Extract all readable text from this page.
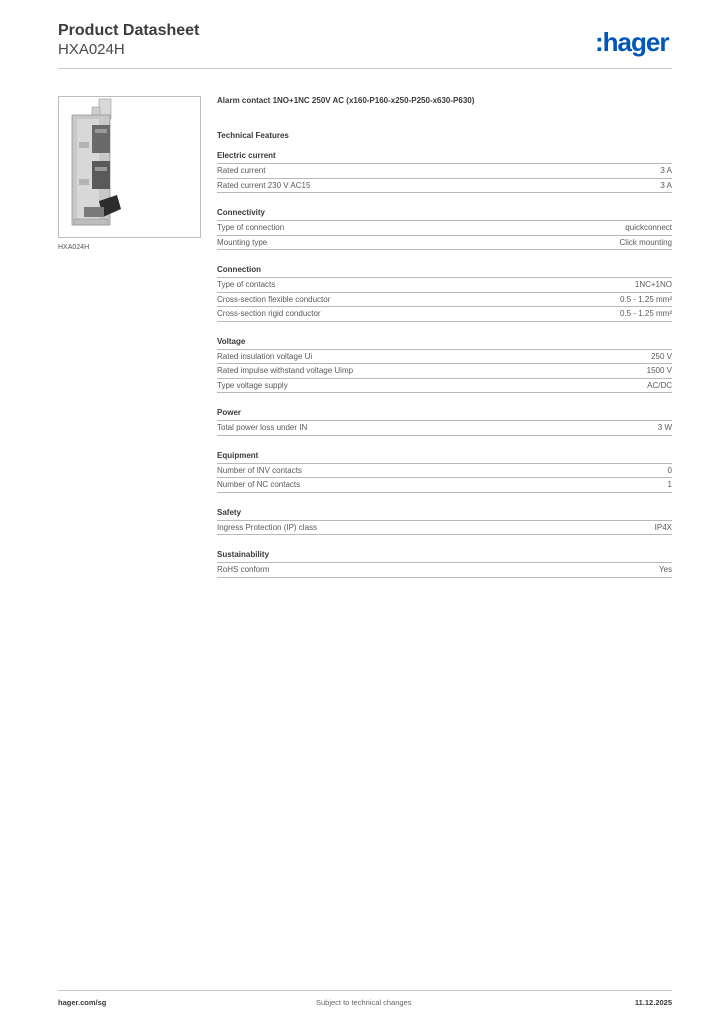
Product Datasheet
HXA024H	:hager
HXA024H
Alarm contact 1NO+1NC 250V AC (x160-P160-x250-P250-x630-P630)
Technical Features
Electric current
Rated current	3 A
Rated current 230 V AC15	3 A
Connectivity
Type of connection	quickconnect
Mounting type	Click mounting
Connection
Type of contacts	1NC+1NO
Cross-section flexible conductor	0.5 - 1.25 mm²
Cross-section rigid conductor	0.5 - 1.25 mm²
Voltage
Rated insulation voltage Ui	250 V
Rated impulse withstand voltage Uimp	1500 V
Type voltage supply	AC/DC
Power
Total power loss under IN	3 W
Equipment
Number of INV contacts	0
Number of NC contacts	1
Safety
Ingress Protection (IP) class	IP4X
Sustainability
RoHS conform	Yes
hager.com/sg	Subject to technical changes	11.12.2025
